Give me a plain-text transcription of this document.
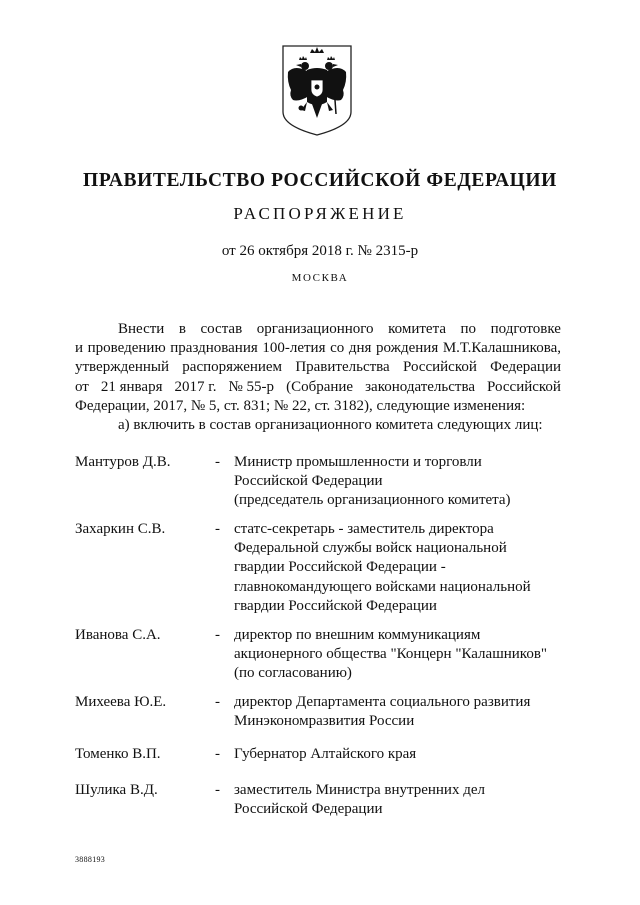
ПРАВИТЕЛЬСТВО РОССИЙСКОЙ ФЕДЕРАЦИИ
РАСПОРЯЖЕНИЕ
от 26 октября 2018 г. № 2315-р
МОСКВА
Внести в состав организационного комитета по подготовке
и проведению празднования 100-летия со дня рождения М.Т.Калашникова,
утвержденный распоряжением Правительства Российской Федерации
от 21 января 2017 г. № 55-р (Собрание законодательства Российской
Федерации, 2017, № 5, ст. 831; № 22, ст. 3182), следующие изменения:
а) включить в состав организационного комитета следующих лиц:
Мантуров Д.В.	- Министр промышленности и торговли
Российской Федерации
(председатель организационного комитета)
Захаркин С.В.	- статс-секретарь - заместитель директора
Федеральной службы войск национальной
гвардии Российской Федерации -
главнокомандующего войсками национальной
гвардии Российской Федерации
Иванова С.А.	- директор по внешним коммуникациям
акционерного общества "Концерн "Калашников"
(по согласованию)
Михеева Ю.Е.	- директор Департамента социального развития
Минэкономразвития России
Томенко В.П.	- Губернатор Алтайского края
Шулика В.Д.	- заместитель Министра внутренних дел
Российской Федерации
3888193
